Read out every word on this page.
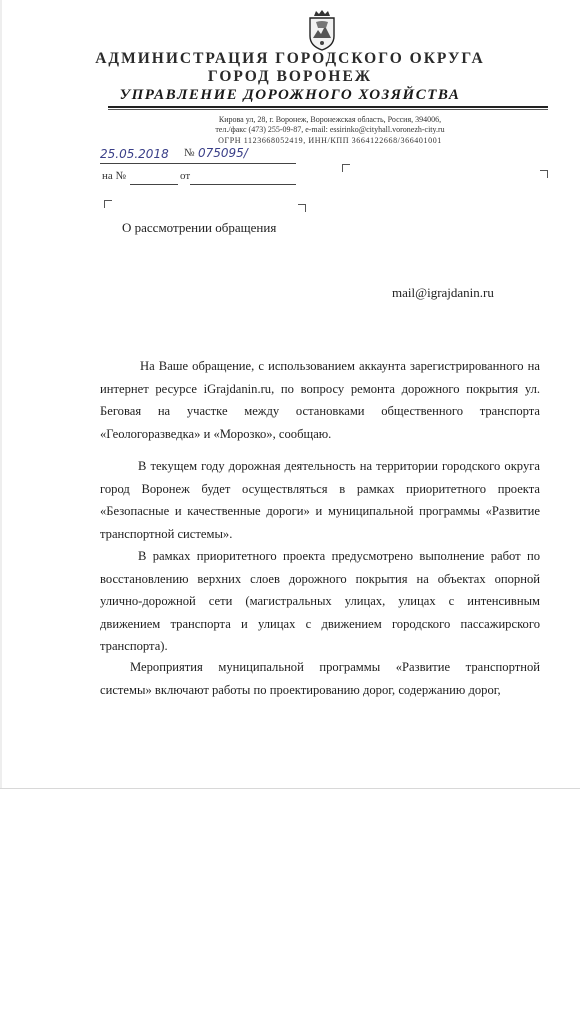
АДМИНИСТРАЦИЯ ГОРОДСКОГО ОКРУГА
ГОРОД ВОРОНЕЖ
УПРАВЛЕНИЕ ДОРОЖНОГО ХОЗЯЙСТВА
Кирова ул, 28, г. Воронеж, Воронежская область, Россия, 394006,
тел./факс (473) 255-09-87, e-mail: essirinko@cityhall.voronezh-city.ru
ОГРН 1123668052419, ИНН/КПП 3664122668/366401001
25.05.2018 № 075095/
на №	от
О рассмотрении обращения
mail@igrajdanin.ru
На Ваше обращение, с использованием аккаунта зарегистрированного на интернет ресурсе iGrajdanin.ru, по вопросу ремонта дорожного покрытия ул. Беговая на участке между остановками общественного транспорта «Геологоразведка» и «Морозко», сообщаю.
В текущем году дорожная деятельность на территории городского округа город Воронеж будет осуществляться в рамках приоритетного проекта «Безопасные и качественные дороги» и муниципальной программы «Развитие транспортной системы».
В рамках приоритетного проекта предусмотрено выполнение работ по восстановлению верхних слоев дорожного покрытия на объектах опорной улично-дорожной сети (магистральных улицах, улицах с интенсивным движением транспорта и улицах с движением городского пассажирского транспорта).
Мероприятия муниципальной программы «Развитие транспортной системы» включают работы по проектированию дорог, содержанию дорог,
